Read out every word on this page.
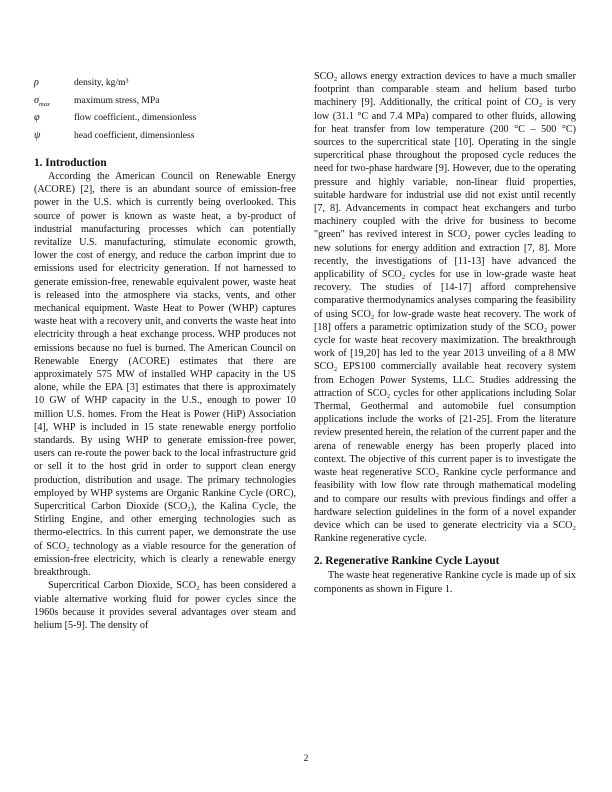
ρ	density, kg/m³
$\sigma_{max}$	maximum stress, MPa
φ	flow coefficient., dimensionless
ψ	head coefficient, dimensionless
1. Introduction

According the American Council on Renewable Energy (ACORE) [2], there is an abundant source of emission-free power in the U.S. which is currently being overlooked. This source of power is known as waste heat, a by-product of industrial manufacturing processes which can potentially revitalize U.S. manufacturing, stimulate economic growth, lower the cost of energy, and reduce the carbon imprint due to emissions used for electricity generation. If not harnessed to generate emission-free, renewable equivalent power, waste heat is released into the atmosphere via stacks, vents, and other mechanical equipment. Waste Heat to Power (WHP) captures waste heat with a recovery unit, and converts the waste heat into electricity through a heat exchange process. WHP produces not emissions because no fuel is burned. The American Council on Renewable Energy (ACORE) estimates that there are approximately 575 MW of installed WHP capacity in the US alone, while the EPA [3] estimates that there is approximately 10 GW of WHP capacity in the U.S., enough to power 10 million U.S. homes. From the Heat is Power (HiP) Association [4], WHP is included in 15 state renewable energy portfolio standards. By using WHP to generate emission-free power, users can re-route the power back to the local infrastructure grid or sell it to the host grid in order to support clean energy production, distribution and usage. The primary technologies employed by WHP systems are Organic Rankine Cycle (ORC), Supercritical Carbon Dioxide (SCO₂), the Kalina Cycle, the Stirling Engine, and other emerging technologies such as thermo-electrics. In this current paper, we demonstrate the use of SCO₂ technology as a viable resource for the generation of emission-free electricity, which is clearly a renewable energy breakthrough.

Supercritical Carbon Dioxide, SCO₂ has been considered a viable alternative working fluid for power cycles since the 1960s because it provides several advantages over steam and helium [5-9]. The density of

SCO₂ allows energy extraction devices to have a much smaller footprint than comparable steam and helium based turbo machinery [9]. Additionally, the critical point of CO₂ is very low (31.1 °C and 7.4 MPa) compared to other fluids, allowing for heat transfer from low temperature (200 °C – 500 °C) sources to the supercritical state [10]. Operating in the single supercritical phase throughout the proposed cycle reduces the need for two-phase hardware [9]. However, due to the operating pressure and highly variable, non-linear fluid properties, suitable hardware for industrial use did not exist until recently [7, 8]. Advancements in compact heat exchangers and turbo machinery coupled with the drive for business to become "green" has revived interest in SCO₂ power cycles leading to new solutions for energy addition and extraction [7, 8]. More recently, the investigations of [11-13] have advanced the applicability of SCO₂ cycles for use in low-grade waste heat recovery. The studies of [14-17] afford comprehensive comparative thermodynamics analyses comparing the feasibility of using SCO₂ for low-grade waste heat recovery. The work of [18] offers a parametric optimization study of the SCO₂ power cycle for waste heat recovery maximization. The breakthrough work of [19,20] has led to the year 2013 unveiling of a 8 MW SCO₂ EPS100 commercially available heat recovery system from Echogen Power Systems, LLC. Studies addressing the attraction of SCO₂ cycles for other applications including Solar Thermal, Geothermal and automobile fuel consumption applications include the works of [21-25]. From the literature review presented herein, the relation of the current paper and the arena of renewable energy has been properly placed into context. The objective of this current paper is to investigate the waste heat regenerative SCO₂ Rankine cycle performance and feasibility with low flow rate through mathematical modeling and to compare our results with previous findings and offer a hardware selection guidelines in the form of a novel expander device which can be used to generate electricity via a SCO₂ Rankine regenerative cycle.

2. Regenerative Rankine Cycle Layout

The waste heat regenerative Rankine cycle is made up of six components as shown in Figure 1.

2
